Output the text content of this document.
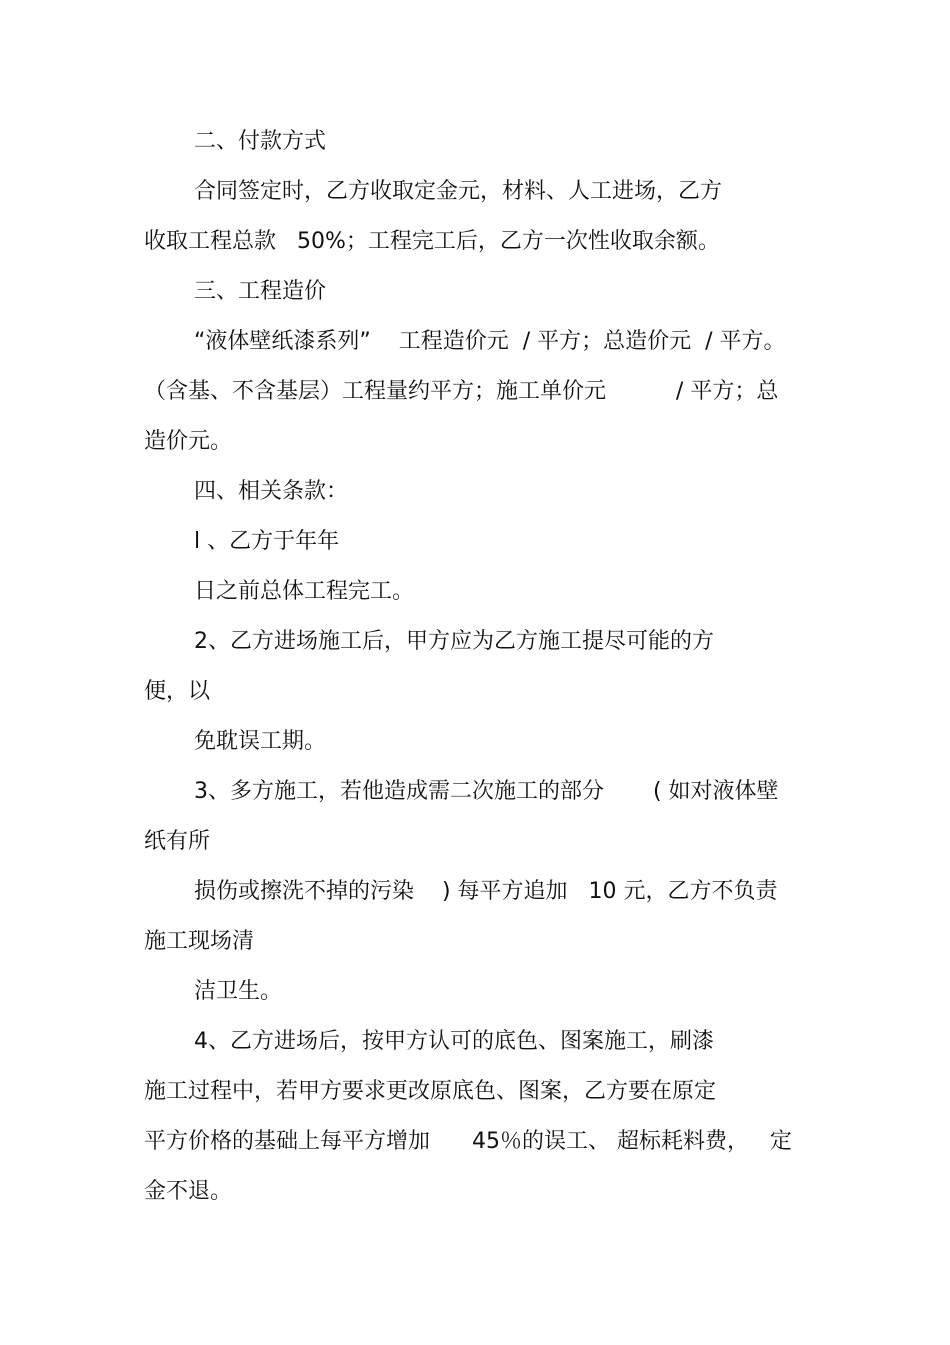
二、付款方式
合同签定时，乙方收取定金元，材料、人工进场，乙方
收取工程总款   50%；工程完工后，乙方一次性收取余额。
三、工程造价
“液体壁纸漆系列”    工程造价元  / 平方；总造价元  / 平方。
（含基、不含基层）工程量约平方；施工单价元          / 平方；总
造价元。
四、相关条款：
l 、乙方于年年
日之前总体工程完工。
2、乙方进场施工后，甲方应为乙方施工提尽可能的方
便，以
免耽误工期。
3、多方施工，若他造成需二次施工的部分       ( 如对液体壁
纸有所
损伤或擦洗不掉的污染    ) 每平方追加   10 元，乙方不负责
施工现场清
洁卫生。
4、乙方进场后，按甲方认可的底色、图案施工，刷漆
施工过程中，若甲方要求更改原底色、图案，乙方要在原定
平方价格的基础上每平方增加      45％的误工、 超标耗料费，   定
金不退。
